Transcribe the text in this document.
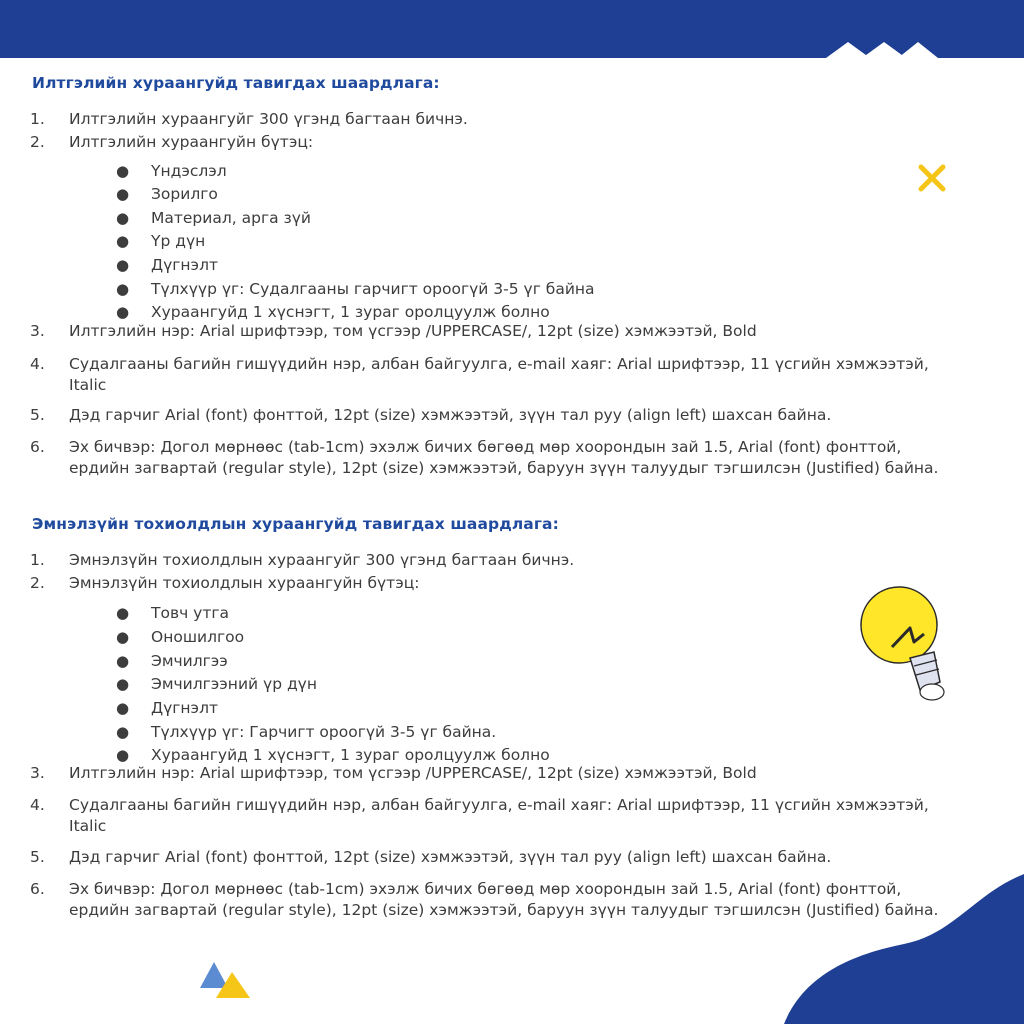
Илтгэлийн хураангуйд тавигдах шаардлага:
1.	Илтгэлийн хураангуйг 300 үгэнд багтаан бичнэ.
2.	Илтгэлийн хураангуйн бүтэц:
3.	Илтгэлийн нэр: Arial шрифтээр, том үсгээр /UPPERCASE/, 12pt (size) хэмжээтэй, Bold
4.	Судалгааны багийн гишүүдийн нэр, албан байгуулга, e-mail хаяг: Arial шрифтээр, 11 үсгийн хэмжээтэй,
Italic
5.	Дэд гарчиг Arial (font) фонттой, 12pt (size) хэмжээтэй, зүүн тал руу (align left) шахсан байна.
6.	Эх бичвэр: Догол мөрнөөс (tab-1cm) эхэлж бичих бөгөөд мөр хоорондын зай 1.5, Arial (font) фонттой,
ердийн загвартай (regular style), 12pt (size) хэмжээтэй, баруун зүүн талуудыг тэгшилсэн (Justified) байна.
● Үндэслэл
● Зорилго
● Материал, арга зүй
● Үр дүн
● Дүгнэлт
● Түлхүүр үг: Судалгааны гарчигт ороогүй 3-5 үг байна
● Хураангуйд 1 хүснэгт, 1 зураг оролцуулж болно
Эмнэлзүйн тохиолдлын хураангуйд тавигдах шаардлага:
1.	Эмнэлзүйн тохиолдлын хураангуйг 300 үгэнд багтаан бичнэ.
2.	Эмнэлзүйн тохиолдлын хураангуйн бүтэц:
3.	Илтгэлийн нэр: Arial шрифтээр, том үсгээр /UPPERCASE/, 12pt (size) хэмжээтэй, Bold
4.	Судалгааны багийн гишүүдийн нэр, албан байгуулга, e-mail хаяг: Arial шрифтээр, 11 үсгийн хэмжээтэй,
Italic
5.	Дэд гарчиг Arial (font) фонттой, 12pt (size) хэмжээтэй, зүүн тал руу (align left) шахсан байна.
6.	Эх бичвэр: Догол мөрнөөс (tab-1cm) эхэлж бичих бөгөөд мөр хоорондын зай 1.5, Arial (font) фонттой,
ердийн загвартай (regular style), 12pt (size) хэмжээтэй, баруун зүүн талуудыг тэгшилсэн (Justified) байна.
● Товч утга
● Оношилгоо
● Эмчилгээ
● Эмчилгээний үр дүн
● Дүгнэлт
● Түлхүүр үг: Гарчигт ороогүй 3-5 үг байна.
● Хураангуйд 1 хүснэгт, 1 зураг оролцуулж болно
